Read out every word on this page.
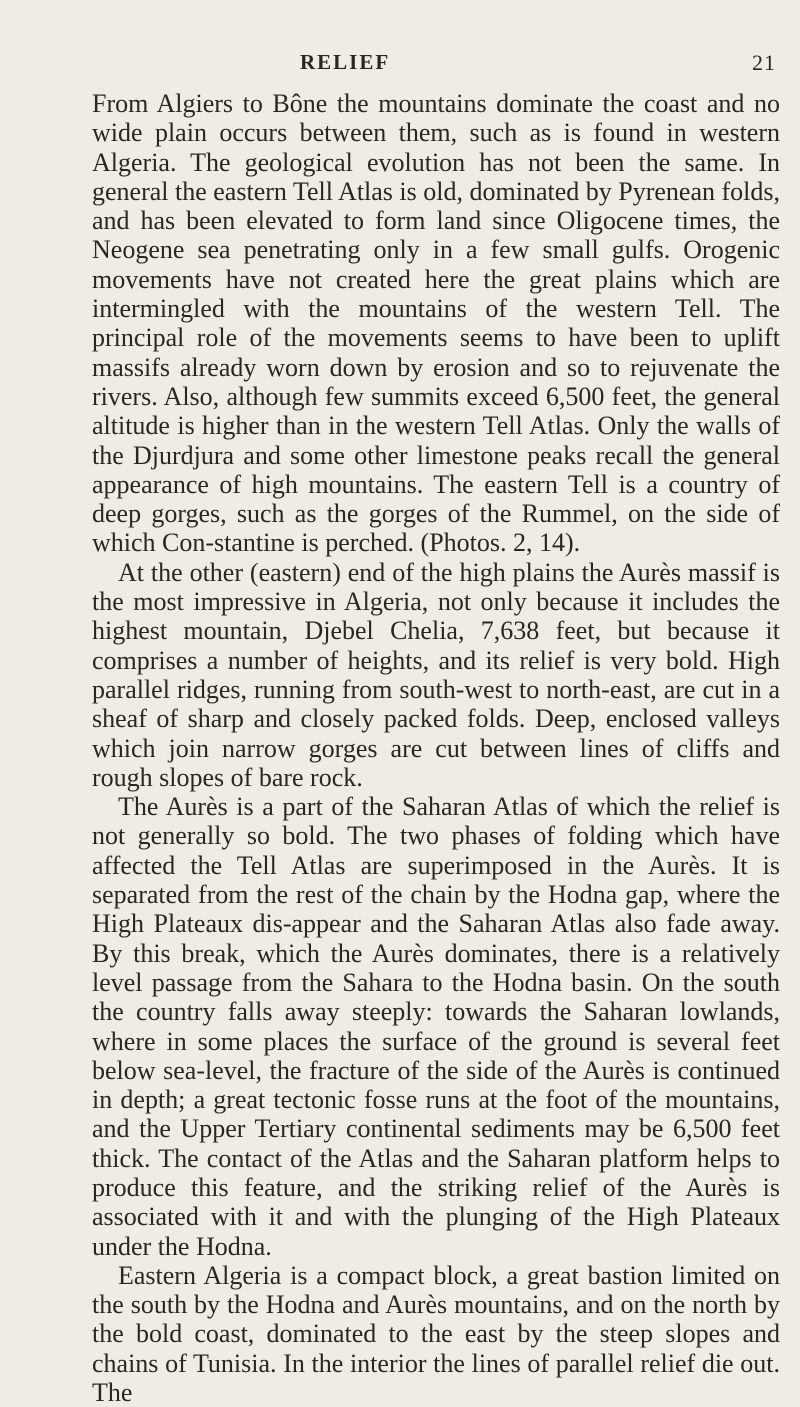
RELIEF	21

From Algiers to Bône the mountains dominate the coast and no wide plain occurs between them, such as is found in western Algeria. The geological evolution has not been the same. In general the eastern Tell Atlas is old, dominated by Pyrenean folds, and has been elevated to form land since Oligocene times, the Neogene sea penetrating only in a few small gulfs. Orogenic movements have not created here the great plains which are intermingled with the mountains of the western Tell. The principal role of the movements seems to have been to uplift massifs already worn down by erosion and so to rejuvenate the rivers. Also, although few summits exceed 6,500 feet, the general altitude is higher than in the western Tell Atlas. Only the walls of the Djurdjura and some other limestone peaks recall the general appearance of high mountains. The eastern Tell is a country of deep gorges, such as the gorges of the Rummel, on the side of which Con-stantine is perched. (Photos. 2, 14).

At the other (eastern) end of the high plains the Aurès massif is the most impressive in Algeria, not only because it includes the highest mountain, Djebel Chelia, 7,638 feet, but because it comprises a number of heights, and its relief is very bold. High parallel ridges, running from south-west to north-east, are cut in a sheaf of sharp and closely packed folds. Deep, enclosed valleys which join narrow gorges are cut between lines of cliffs and rough slopes of bare rock.

The Aurès is a part of the Saharan Atlas of which the relief is not generally so bold. The two phases of folding which have affected the Tell Atlas are superimposed in the Aurès. It is separated from the rest of the chain by the Hodna gap, where the High Plateaux dis-appear and the Saharan Atlas also fade away. By this break, which the Aurès dominates, there is a relatively level passage from the Sahara to the Hodna basin. On the south the country falls away steeply: towards the Saharan lowlands, where in some places the surface of the ground is several feet below sea-level, the fracture of the side of the Aurès is continued in depth; a great tectonic fosse runs at the foot of the mountains, and the Upper Tertiary continental sediments may be 6,500 feet thick. The contact of the Atlas and the Saharan platform helps to produce this feature, and the striking relief of the Aurès is associated with it and with the plunging of the High Plateaux under the Hodna.

Eastern Algeria is a compact block, a great bastion limited on the south by the Hodna and Aurès mountains, and on the north by the bold coast, dominated to the east by the steep slopes and chains of Tunisia. In the interior the lines of parallel relief die out. The
